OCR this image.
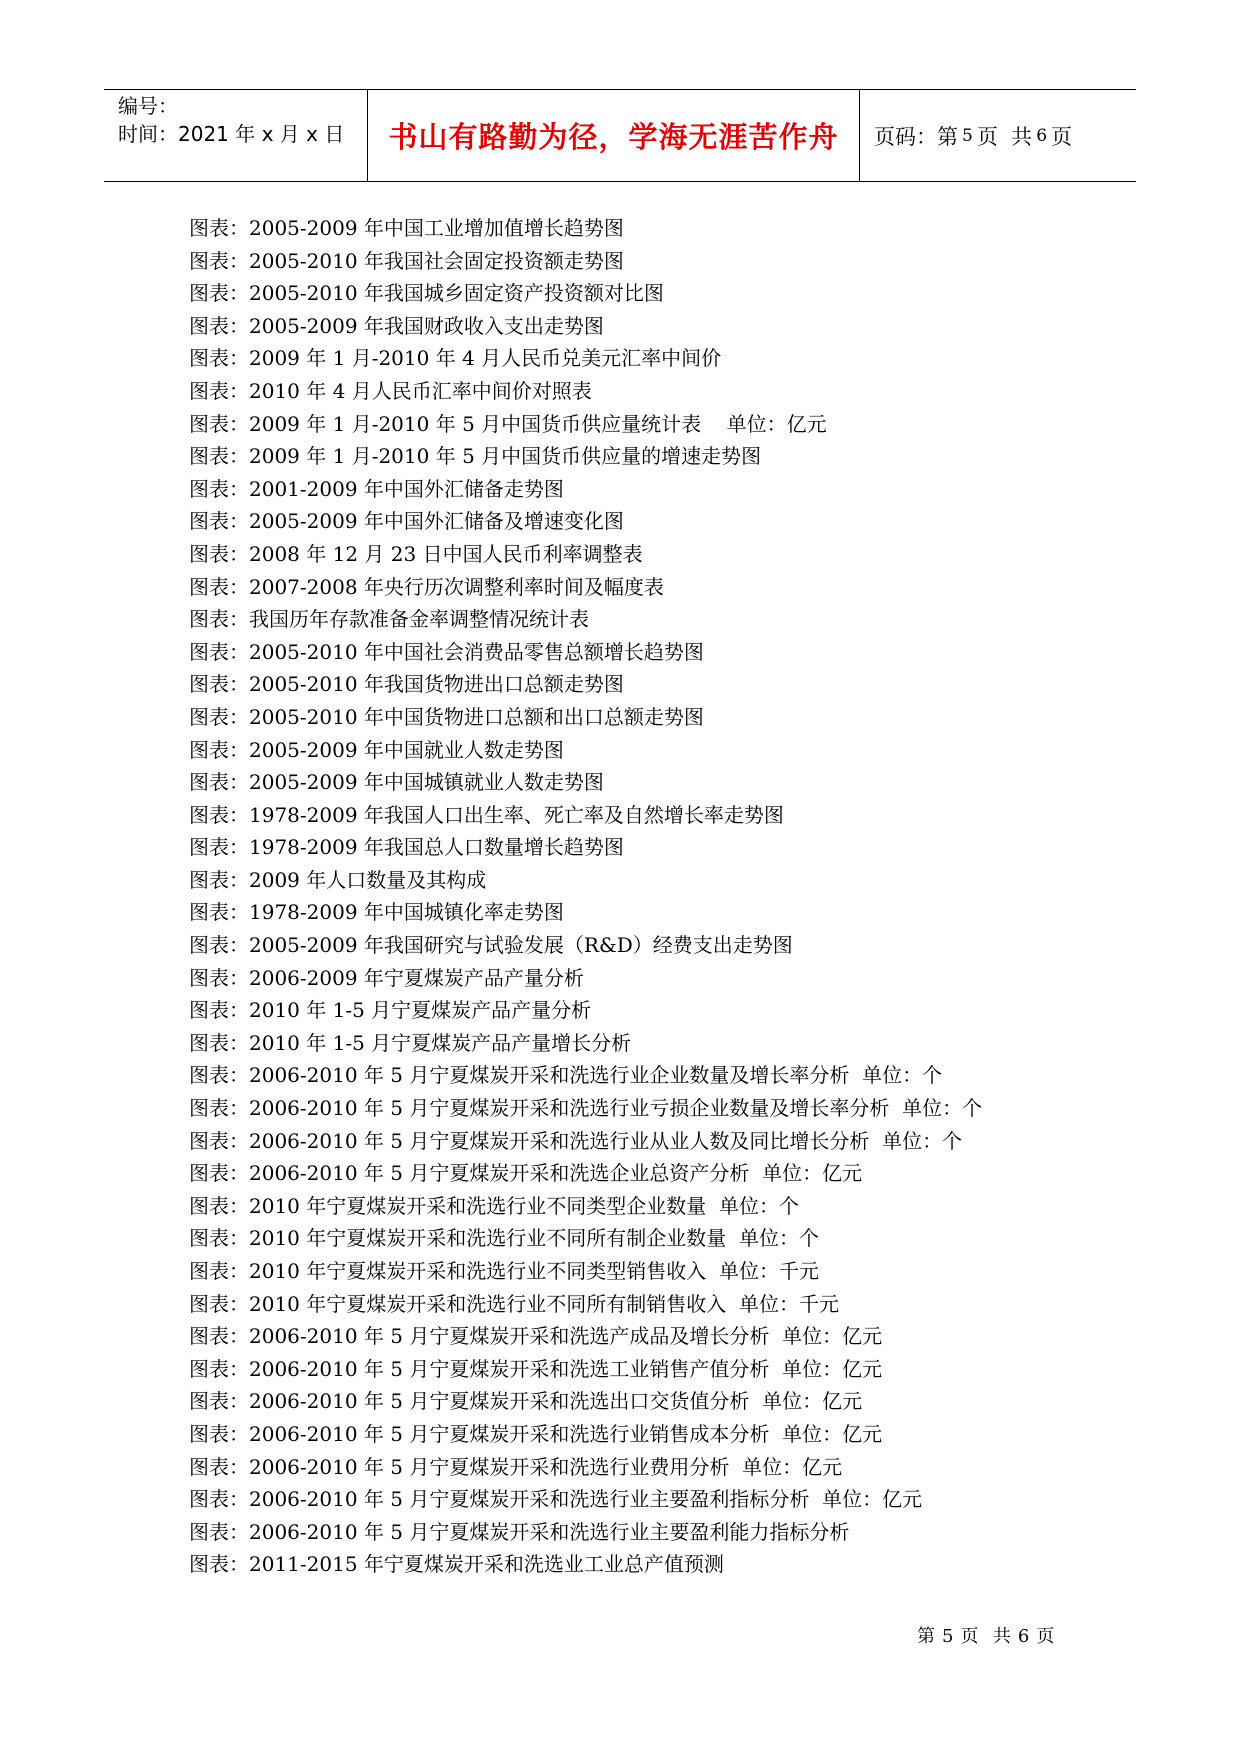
编号：
时间：2021 年 x 月 x 日	书山有路勤为径，学海无涯苦作舟	页码：第 5 页  共 6 页
图表：2005-2009 年中国工业增加值增长趋势图
图表：2005-2010 年我国社会固定投资额走势图
图表：2005-2010 年我国城乡固定资产投资额对比图
图表：2005-2009 年我国财政收入支出走势图
图表：2009 年 1 月-2010 年 4 月人民币兑美元汇率中间价
图表：2010 年 4 月人民币汇率中间价对照表
图表：2009 年 1 月-2010 年 5 月中国货币供应量统计表    单位：亿元
图表：2009 年 1 月-2010 年 5 月中国货币供应量的增速走势图
图表：2001-2009 年中国外汇储备走势图
图表：2005-2009 年中国外汇储备及增速变化图
图表：2008 年 12 月 23 日中国人民币利率调整表
图表：2007-2008 年央行历次调整利率时间及幅度表
图表：我国历年存款准备金率调整情况统计表
图表：2005-2010 年中国社会消费品零售总额增长趋势图
图表：2005-2010 年我国货物进出口总额走势图
图表：2005-2010 年中国货物进口总额和出口总额走势图
图表：2005-2009 年中国就业人数走势图
图表：2005-2009 年中国城镇就业人数走势图
图表：1978-2009 年我国人口出生率、死亡率及自然增长率走势图
图表：1978-2009 年我国总人口数量增长趋势图
图表：2009 年人口数量及其构成
图表：1978-2009 年中国城镇化率走势图
图表：2005-2009 年我国研究与试验发展（R&D）经费支出走势图
图表：2006-2009 年宁夏煤炭产品产量分析
图表：2010 年 1-5 月宁夏煤炭产品产量分析
图表：2010 年 1-5 月宁夏煤炭产品产量增长分析
图表：2006-2010 年 5 月宁夏煤炭开采和洗选行业企业数量及增长率分析  单位：个
图表：2006-2010 年 5 月宁夏煤炭开采和洗选行业亏损企业数量及增长率分析  单位：个
图表：2006-2010 年 5 月宁夏煤炭开采和洗选行业从业人数及同比增长分析  单位：个
图表：2006-2010 年 5 月宁夏煤炭开采和洗选企业总资产分析  单位：亿元
图表：2010 年宁夏煤炭开采和洗选行业不同类型企业数量  单位：个
图表：2010 年宁夏煤炭开采和洗选行业不同所有制企业数量  单位：个
图表：2010 年宁夏煤炭开采和洗选行业不同类型销售收入  单位：千元
图表：2010 年宁夏煤炭开采和洗选行业不同所有制销售收入  单位：千元
图表：2006-2010 年 5 月宁夏煤炭开采和洗选产成品及增长分析  单位：亿元
图表：2006-2010 年 5 月宁夏煤炭开采和洗选工业销售产值分析  单位：亿元
图表：2006-2010 年 5 月宁夏煤炭开采和洗选出口交货值分析  单位：亿元
图表：2006-2010 年 5 月宁夏煤炭开采和洗选行业销售成本分析  单位：亿元
图表：2006-2010 年 5 月宁夏煤炭开采和洗选行业费用分析  单位：亿元
图表：2006-2010 年 5 月宁夏煤炭开采和洗选行业主要盈利指标分析  单位：亿元
图表：2006-2010 年 5 月宁夏煤炭开采和洗选行业主要盈利能力指标分析
图表：2011-2015 年宁夏煤炭开采和洗选业工业总产值预测
第 5 页  共 6 页
